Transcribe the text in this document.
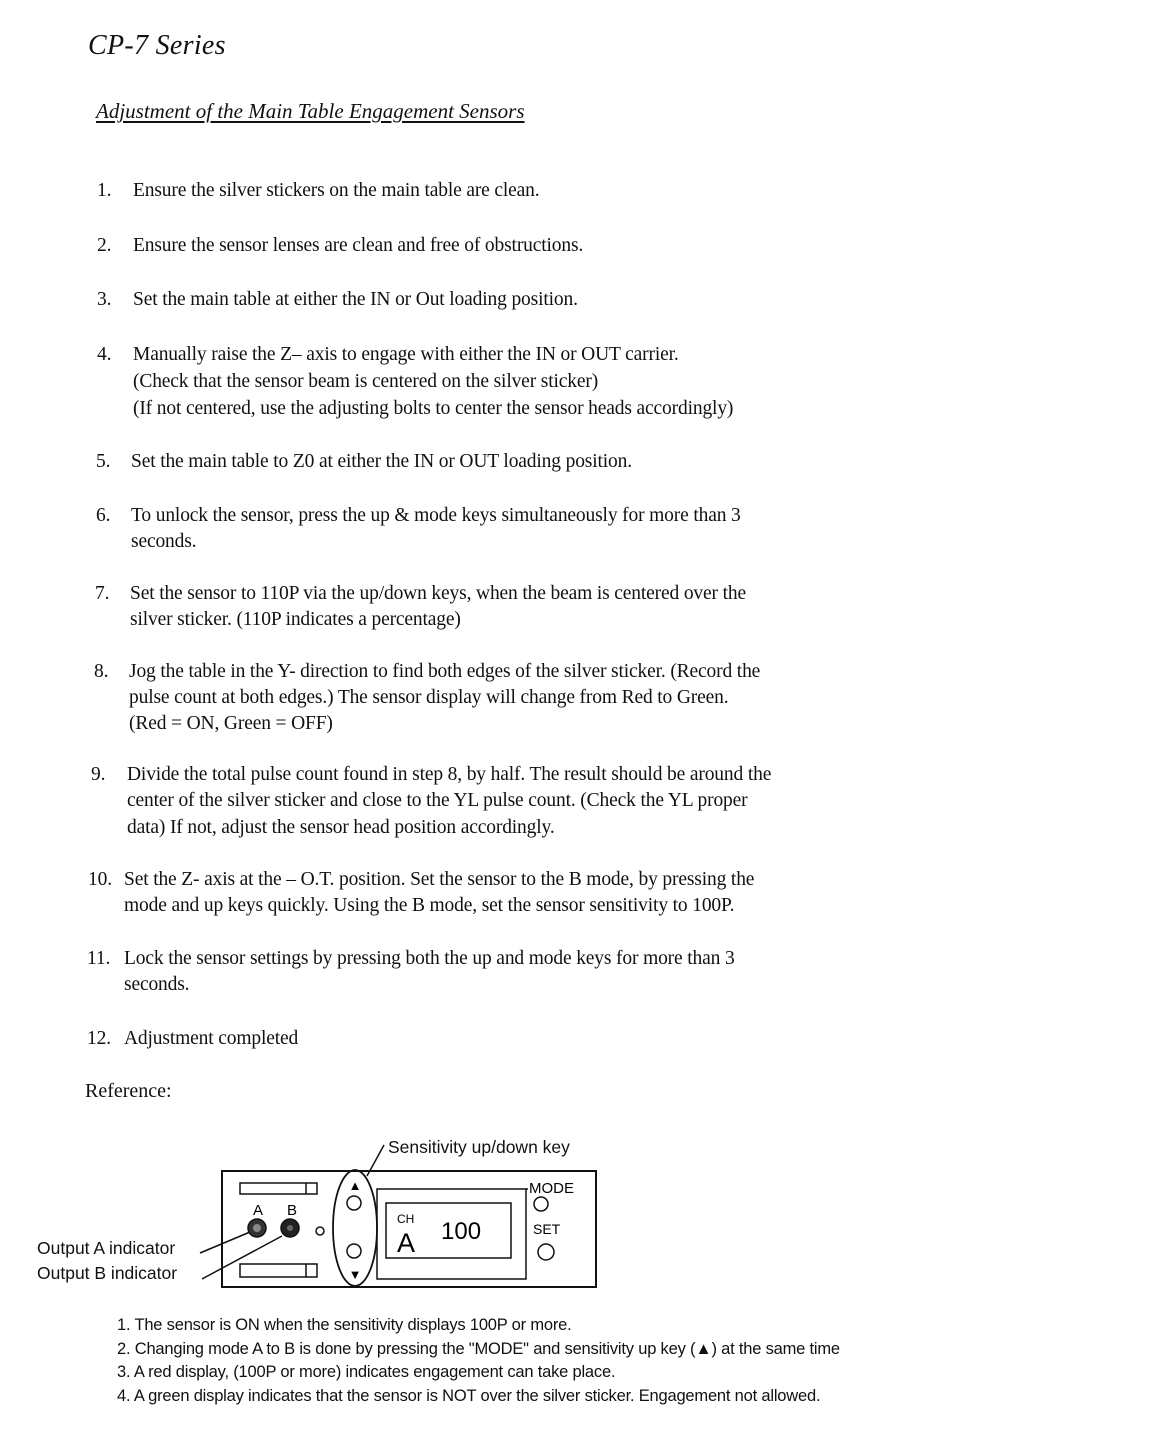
CP-7 Series
Adjustment of the Main Table Engagement Sensors
1. Ensure the silver stickers on the main table are clean.
2. Ensure the sensor lenses are clean and free of obstructions.
3. Set the main table at either the IN or Out loading position.
4. Manually raise the Z– axis to engage with either the IN or OUT carrier.
(Check that the sensor beam is centered on the silver sticker)
(If not centered, use the adjusting bolts to center the sensor heads accordingly)
5. Set the main table to Z0 at either the IN or OUT loading position.
6. To unlock the sensor, press the up & mode keys simultaneously for more than 3
seconds.
7. Set the sensor to 110P via the up/down keys, when the beam is centered over the
silver sticker. (110P indicates a percentage)
8. Jog the table in the Y- direction to find both edges of the silver sticker. (Record the
pulse count at both edges.) The sensor display will change from Red to Green.
(Red = ON, Green = OFF)
9. Divide the total pulse count found in step 8, by half. The result should be around the
center of the silver sticker and close to the YL pulse count. (Check the YL proper
data) If not, adjust the sensor head position accordingly.
10. Set the Z- axis at the – O.T. position. Set the sensor to the B mode, by pressing the
mode and up keys quickly. Using the B mode, set the sensor sensitivity to 100P.
11. Lock the sensor settings by pressing both the up and mode keys for more than 3
seconds.
12. Adjustment completed
Reference:
Sensitivity up/down key
Output A indicator
Output B indicator
A B
▲
▼
CH
A 100
MODE
SET
1. The sensor is ON when the sensitivity displays 100P or more.
2. Changing mode A to B is done by pressing the "MODE" and sensitivity up key (▲) at the same time
3. A red display, (100P or more) indicates engagement can take place.
4. A green display indicates that the sensor is NOT over the silver sticker. Engagement not allowed.
